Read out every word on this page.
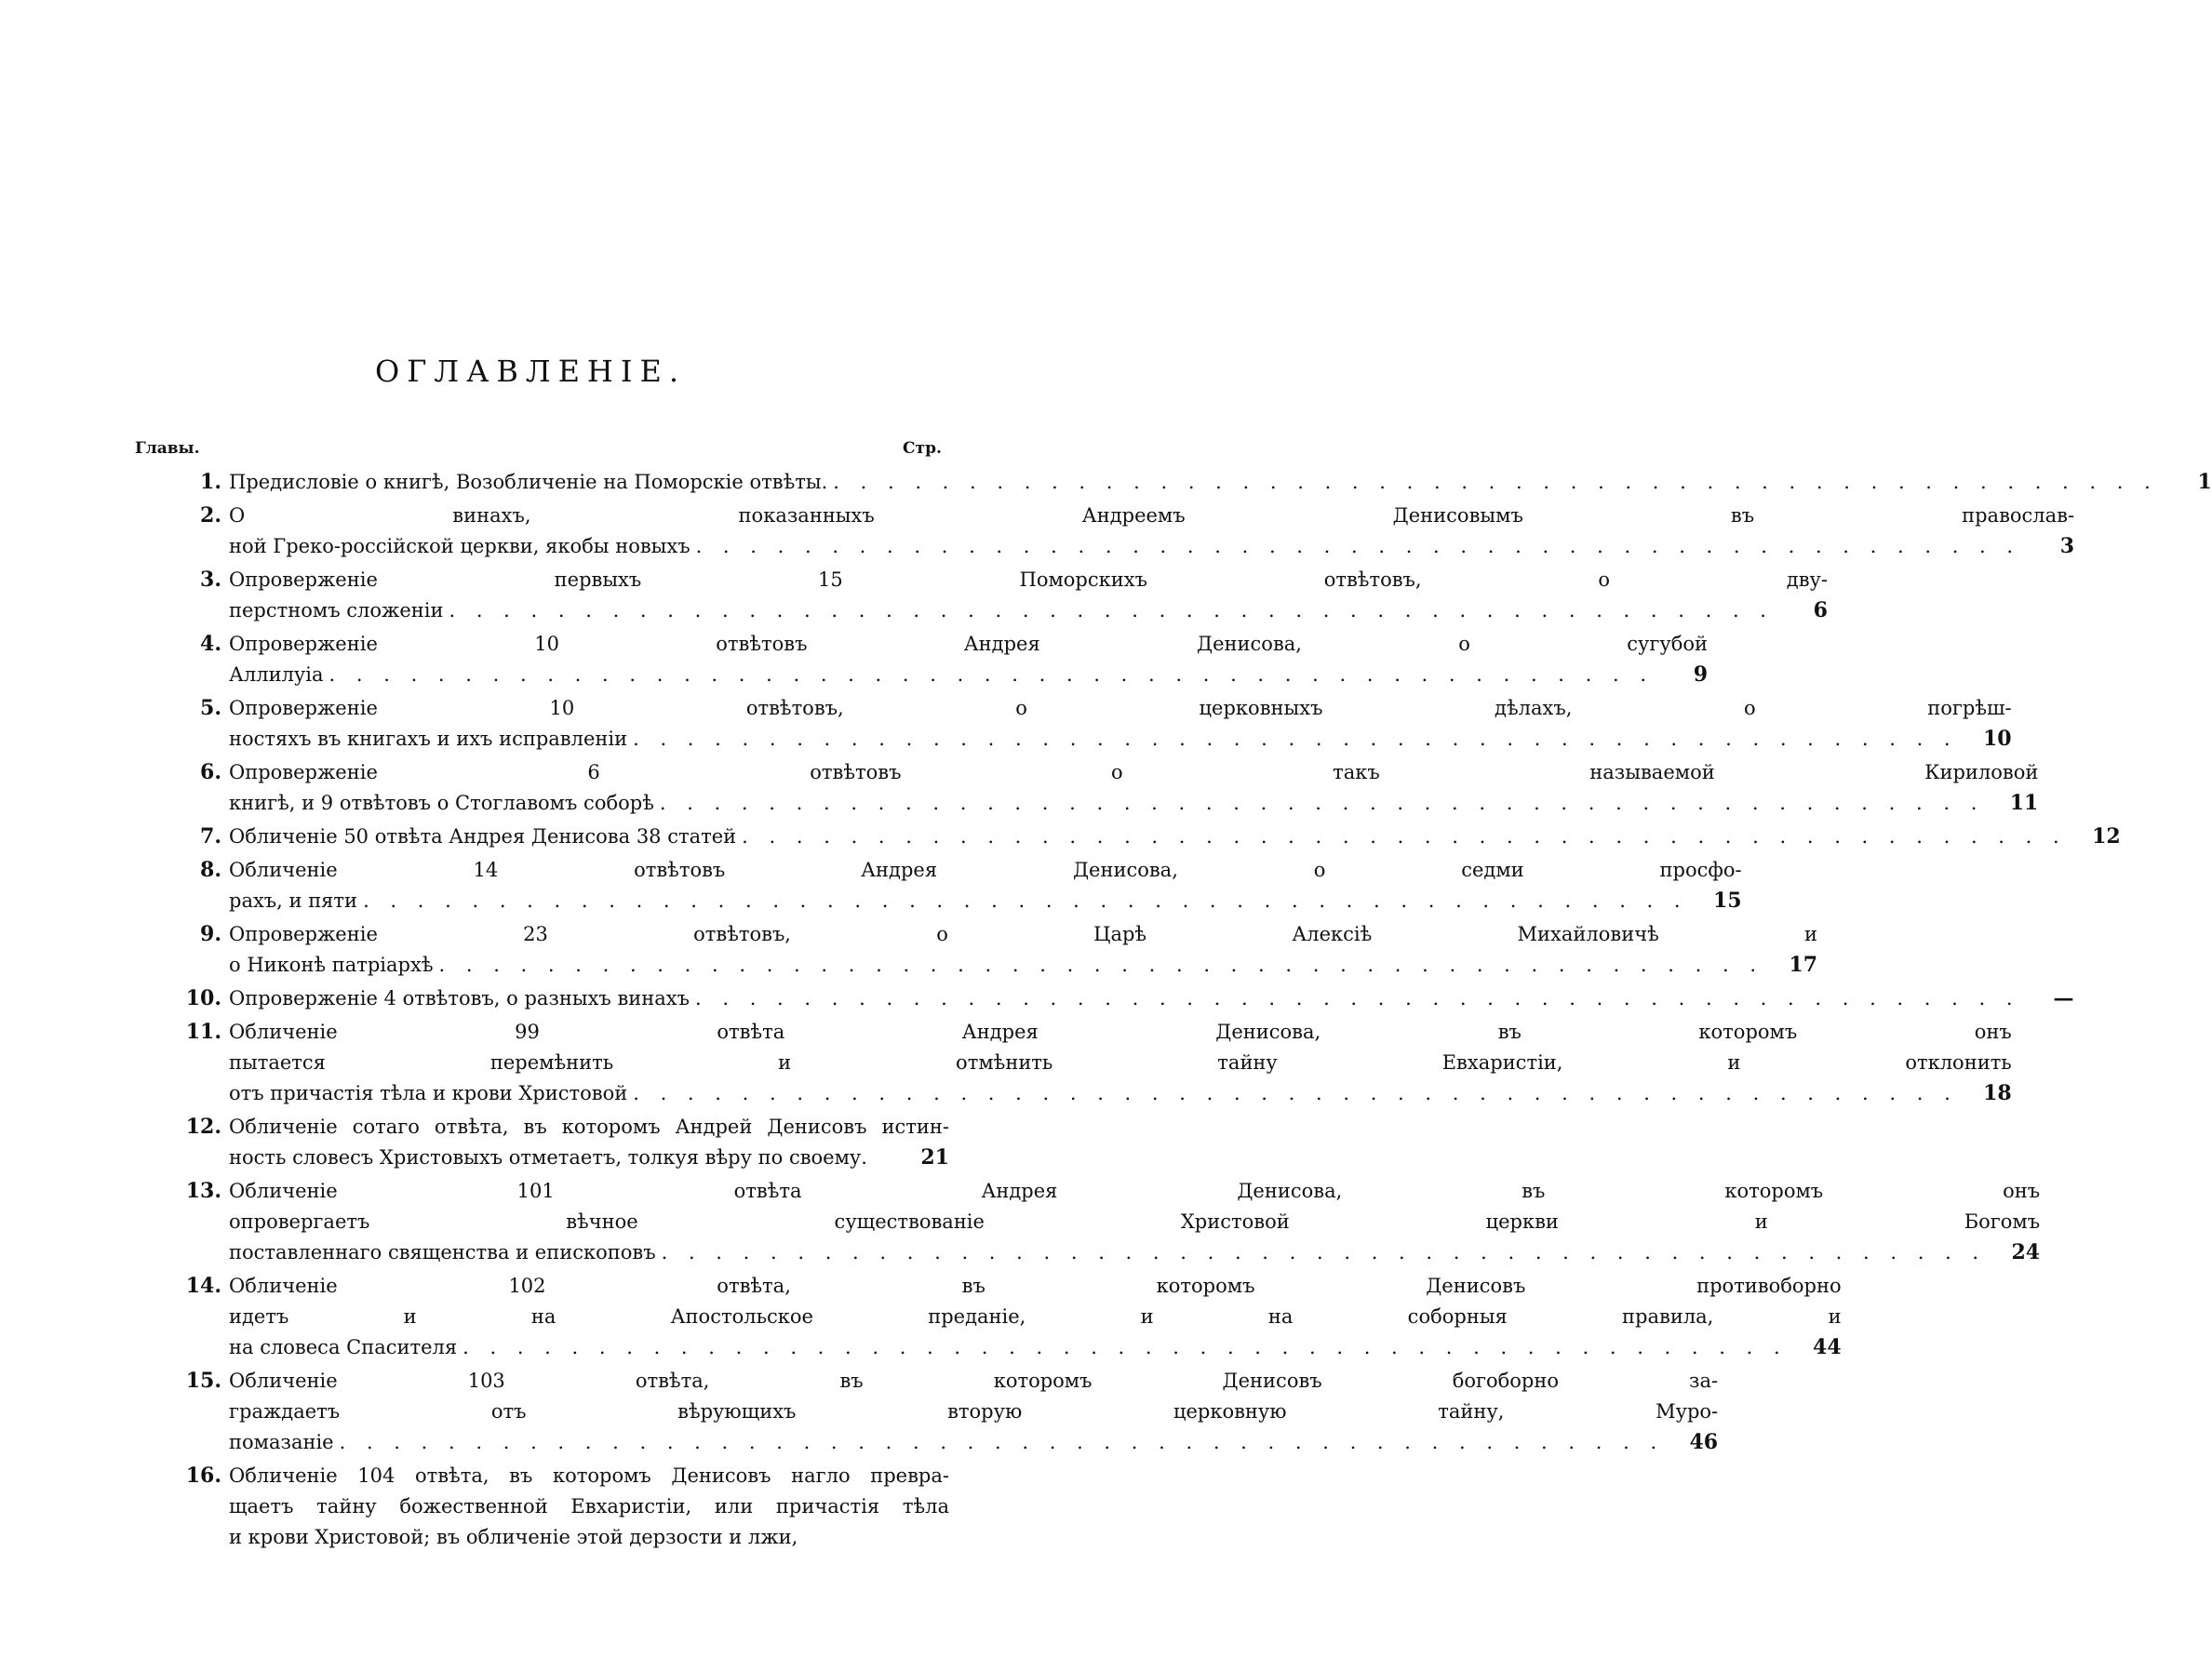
ОГЛАВЛЕНІЕ.
Главы.	Стр.
1. Предисловіе о книгѣ, Возобличеніе на Поморскіе отвѣты. . . .	1
2. О винахъ, показанныхъ Андреемъ Денисовымъ въ православ-
ной Греко-россійской церкви, якобы новыхъ . . .	3
3. Опроверженіе первыхъ 15 Поморскихъ отвѣтовъ, о дву-
перстномъ сложеніи . . .	6
4. Опроверженіе 10 отвѣтовъ Андрея Денисова, о сугубой
Аллилуіа . . .	9
5. Опроверженіе 10 отвѣтовъ, о церковныхъ дѣлахъ, о погрѣш-
ностяхъ въ книгахъ и ихъ исправленіи . . .	10
6. Опроверженіе 6 отвѣтовъ о такъ называемой Кириловой
книгѣ, и 9 отвѣтовъ о Стоглавомъ соборѣ . . .	11
7. Обличеніе 50 отвѣта Андрея Денисова 38 статей . . .	12
8. Обличеніе 14 отвѣтовъ Андрея Денисова, о седми просфо-
рахъ, и пяти . . .	15
9. Опроверженіе 23 отвѣтовъ, о Царѣ Алексіѣ Михайловичѣ и
о Никонѣ патріархѣ . . .	17
10. Опроверженіе 4 отвѣтовъ, о разныхъ винахъ . . .	—
11. Обличеніе 99 отвѣта Андрея Денисова, въ которомъ онъ
пытается перемѣнить и отмѣнить тайну Евхаристіи, и отклонить
отъ причастія тѣла и крови Христовой . . .	18
12. Обличеніе сотаго отвѣта, въ которомъ Андрей Денисовъ истин-
ность словесъ Христовыхъ отметаетъ, толкуя вѣру по своему.	21
13. Обличеніе 101 отвѣта Андрея Денисова, въ которомъ онъ
опровергаетъ вѣчное существованіе Христовой церкви и Богомъ
поставленнаго священства и епископовъ . . .	24
14. Обличеніе 102 отвѣта, въ которомъ Денисовъ противоборно
идетъ и на Апостольское преданіе, и на соборныя правила, и
на словеса Спасителя . . .	44
15. Обличеніе 103 отвѣта, въ которомъ Денисовъ богоборно за-
граждаетъ отъ вѣрующихъ вторую церковную тайну, Муро-
помазаніе . . .	46
16. Обличеніе 104 отвѣта, въ которомъ Денисовъ нагло превра-
щаетъ тайну божественной Евхаристіи, или причастія тѣла
и крови Христовой; въ обличеніе этой дерзости и лжи,
